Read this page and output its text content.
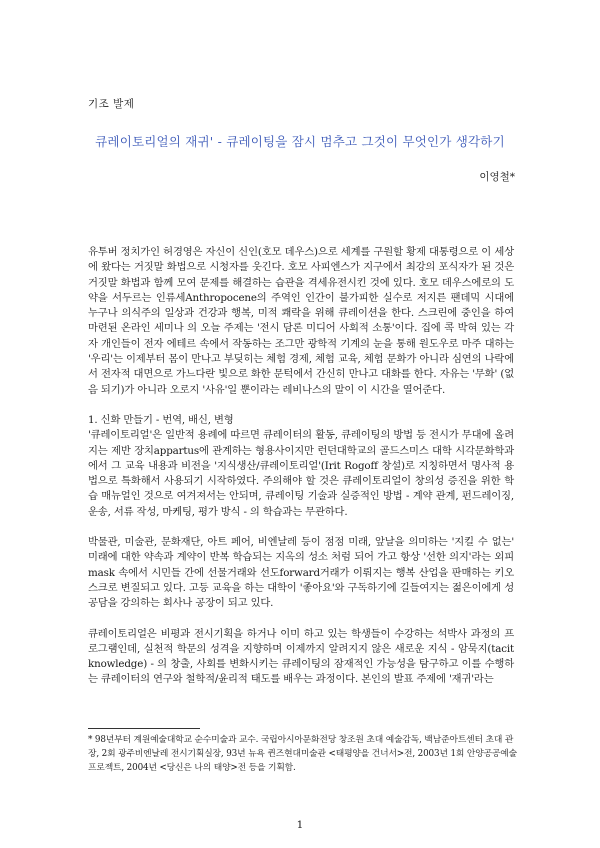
기조 발제
큐레이토리얼의 재귀' - 큐레이팅을 잠시 멈추고 그것이 무엇인가 생각하기
이영철*

유투버 정치가인 허경영은 자신이 신인(호모 데우스)으로 세계를 구원할 황제 대통령으로 이 세상에 왔다는 거짓말 화법으로 시청자를 웃긴다. 호모 사피엔스가 지구에서 최강의 포식자가 된 것은 거짓말 화법과 함께 모여 문제를 해결하는 습관을 격세유전시킨 것에 있다. 호모 데우스에로의 도약을 서두르는 인류세Anthropocene의 주역인 인간이 불가피한 실수로 저지른 팬데믹 시대에 누구나 의식주의 일상과 건강과 행복, 미적 쾌락을 위해 큐레이션을 한다. 스크린에 중인을 하여 마련된 온라인 세미나 의 오늘 주제는 '전시 담론 미디어 사회적 소통'이다. 집에 콕 박혀 있는 각자 개인들이 전자 에테르 속에서 작동하는 조그만 광학적 기계의 눈을 통해 원도우로 마주 대하는 '우리'는 이제부터 몸이 만나고 부딪히는 체험 경제, 체험 교육, 체험 문화가 아니라 심연의 나락에서 전자적 대면으로 가느다란 빛으로 화한 문턱에서 간신히 만나고 대화를 한다. 자유는 '무화' (없음 되기)가 아니라 오로지 '사유'일 뿐이라는 레비나스의 말이 이 시간을 열어준다.

1. 신화 만들기 - 번역, 배신, 변형

'큐레이토리얼'은 일반적 용례에 따르면 큐레이터의 활동, 큐레이팅의 방법 등 전시가 무대에 올려지는 제반 장치appartus에 관계하는 형용사이지만 런던대학교의 골드스미스 대학 시각문화학과에서 그 교육 내용과 비전을 '지식생산/큐레이토리얼'(Irit Rogoff 창설)로 지칭하면서 명사적 용법으로 특화해서 사용되기 시작하였다. 주의해야 할 것은 큐레이토리얼이 창의성 증진을 위한 학습 매뉴얼인 것으로 여겨져서는 안되며, 큐레이팅 기술과 실증적인 방법 - 계약 관계, 펀드레이징, 운송, 서류 작성, 마케팅, 평가 방식 - 의 학습과는 무관하다.

박물관, 미술관, 문화재단, 아트 페어, 비엔날레 등이 점점 미래, 앞날을 의미하는 '지킬 수 없는' 미래에 대한 약속과 계약이 반복 학습되는 지옥의 성소 처럼 되어 가고 항상 '선한 의지'라는 외피mask 속에서 시민들 간에 선물거래와 선도forward거래가 이뤄지는 행복 산업을 판매하는 키오스크로 변질되고 있다. 고등 교육을 하는 대학이 '좋아요'와 구독하기에 길들여지는 젊은이에게 성공담을 강의하는 회사나 공장이 되고 있다.

큐레이토리얼은 비평과 전시기획을 하거나 이미 하고 있는 학생들이 수강하는 석박사 과정의 프로그램인데, 실천적 학문의 성격을 지향하며 이제까지 알려지지 않은 새로운 지식 - 암묵지(tacit knowledge) - 의 창출, 사회를 변화시키는 큐레이팅의 잠재적인 가능성을 탐구하고 이를 수행하는 큐레이터의 연구와 철학적/윤리적 태도를 배우는 과정이다. 본인의 발표 주제에 '재귀'라는

* 98년부터 계원예술대학교 순수미술과 교수. 국립아시아문화전당 창조원 초대 예술감독, 백남준아트센터 초대 관장, 2회 광주비엔날레 전시기획실장, 93년 뉴욕 퀸즈현대미술관 <태평양을 건너서>전, 2003년 1회 안양공공예술프로젝트, 2004년 <당신은 나의 태양>전 등을 기획함.
1
